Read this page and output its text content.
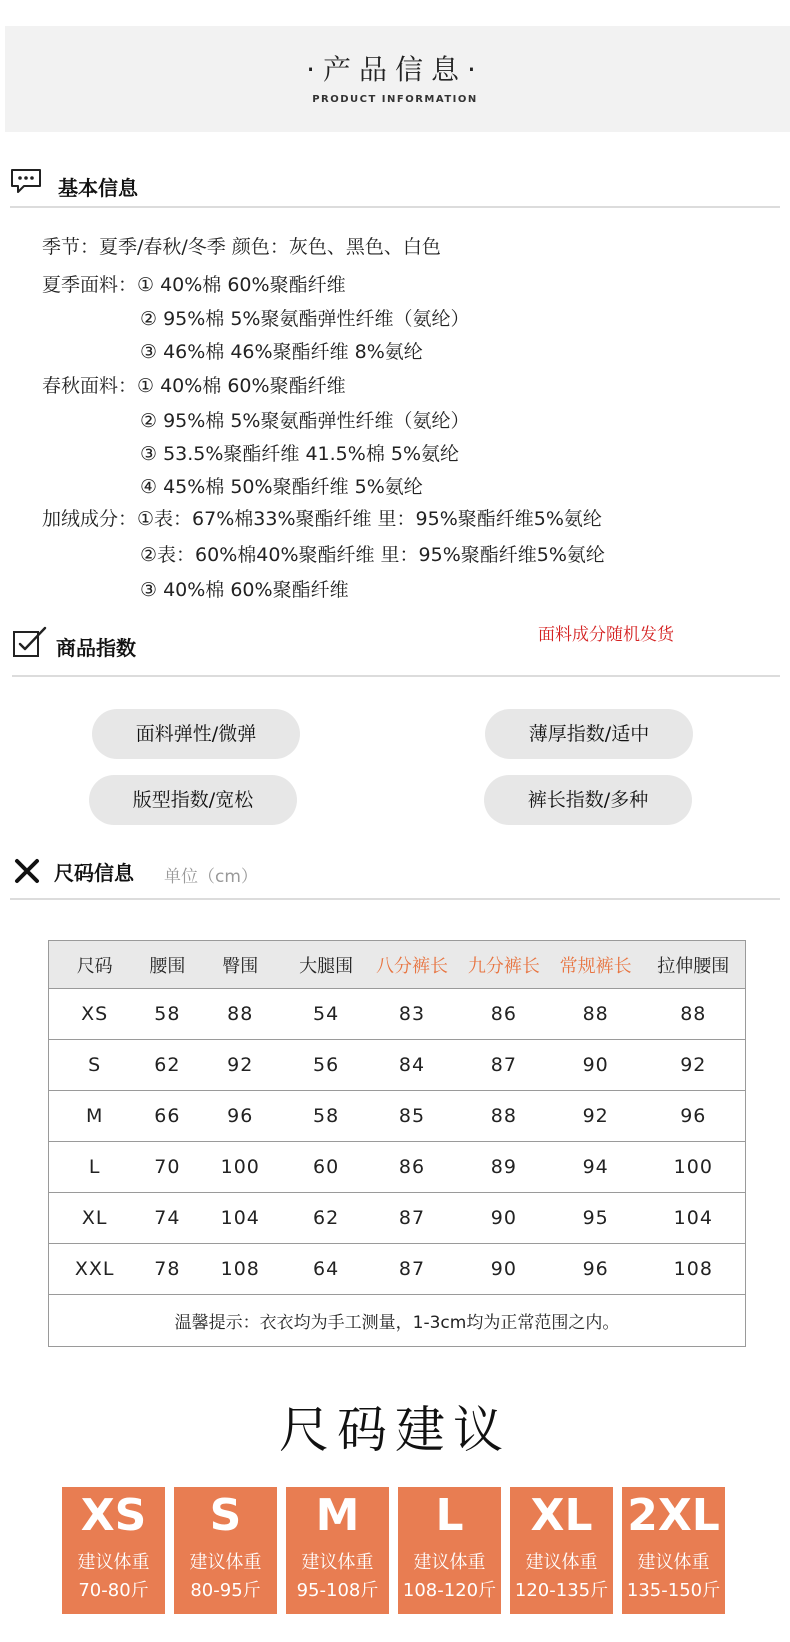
·产品信息·
PRODUCT INFORMATION
基本信息
季节：夏季/春秋/冬季 颜色：灰色、黑色、白色
夏季面料：① 40%棉 60%聚酯纤维
② 95%棉 5%聚氨酯弹性纤维（氨纶）
③ 46%棉 46%聚酯纤维 8%氨纶
春秋面料：① 40%棉 60%聚酯纤维
② 95%棉 5%聚氨酯弹性纤维（氨纶）
③ 53.5%聚酯纤维 41.5%棉 5%氨纶
④ 45%棉 50%聚酯纤维 5%氨纶
加绒成分：①表：67%棉33%聚酯纤维 里：95%聚酯纤维5%氨纶
②表：60%棉40%聚酯纤维 里：95%聚酯纤维5%氨纶
③ 40%棉 60%聚酯纤维
商品指数
面料成分随机发货
面料弹性/微弹	薄厚指数/适中
版型指数/宽松	裤长指数/多种
尺码信息 单位（cm）
尺码	腰围	臀围	大腿围	八分裤长	九分裤长	常规裤长	拉伸腰围
XS	58	88	54	83	86	88	88
S	62	92	56	84	87	90	92
M	66	96	58	85	88	92	96
L	70	100	60	86	89	94	100
XL	74	104	62	87	90	95	104
XXL	78	108	64	87	90	96	108
温馨提示：衣衣均为手工测量，1-3cm均为正常范围之内。							
尺码建议
XS
建议体重
70-80斤
S
建议体重
80-95斤
M
建议体重
95-108斤
L
建议体重
108-120斤
XL
建议体重
120-135斤
2XL
建议体重
135-150斤
